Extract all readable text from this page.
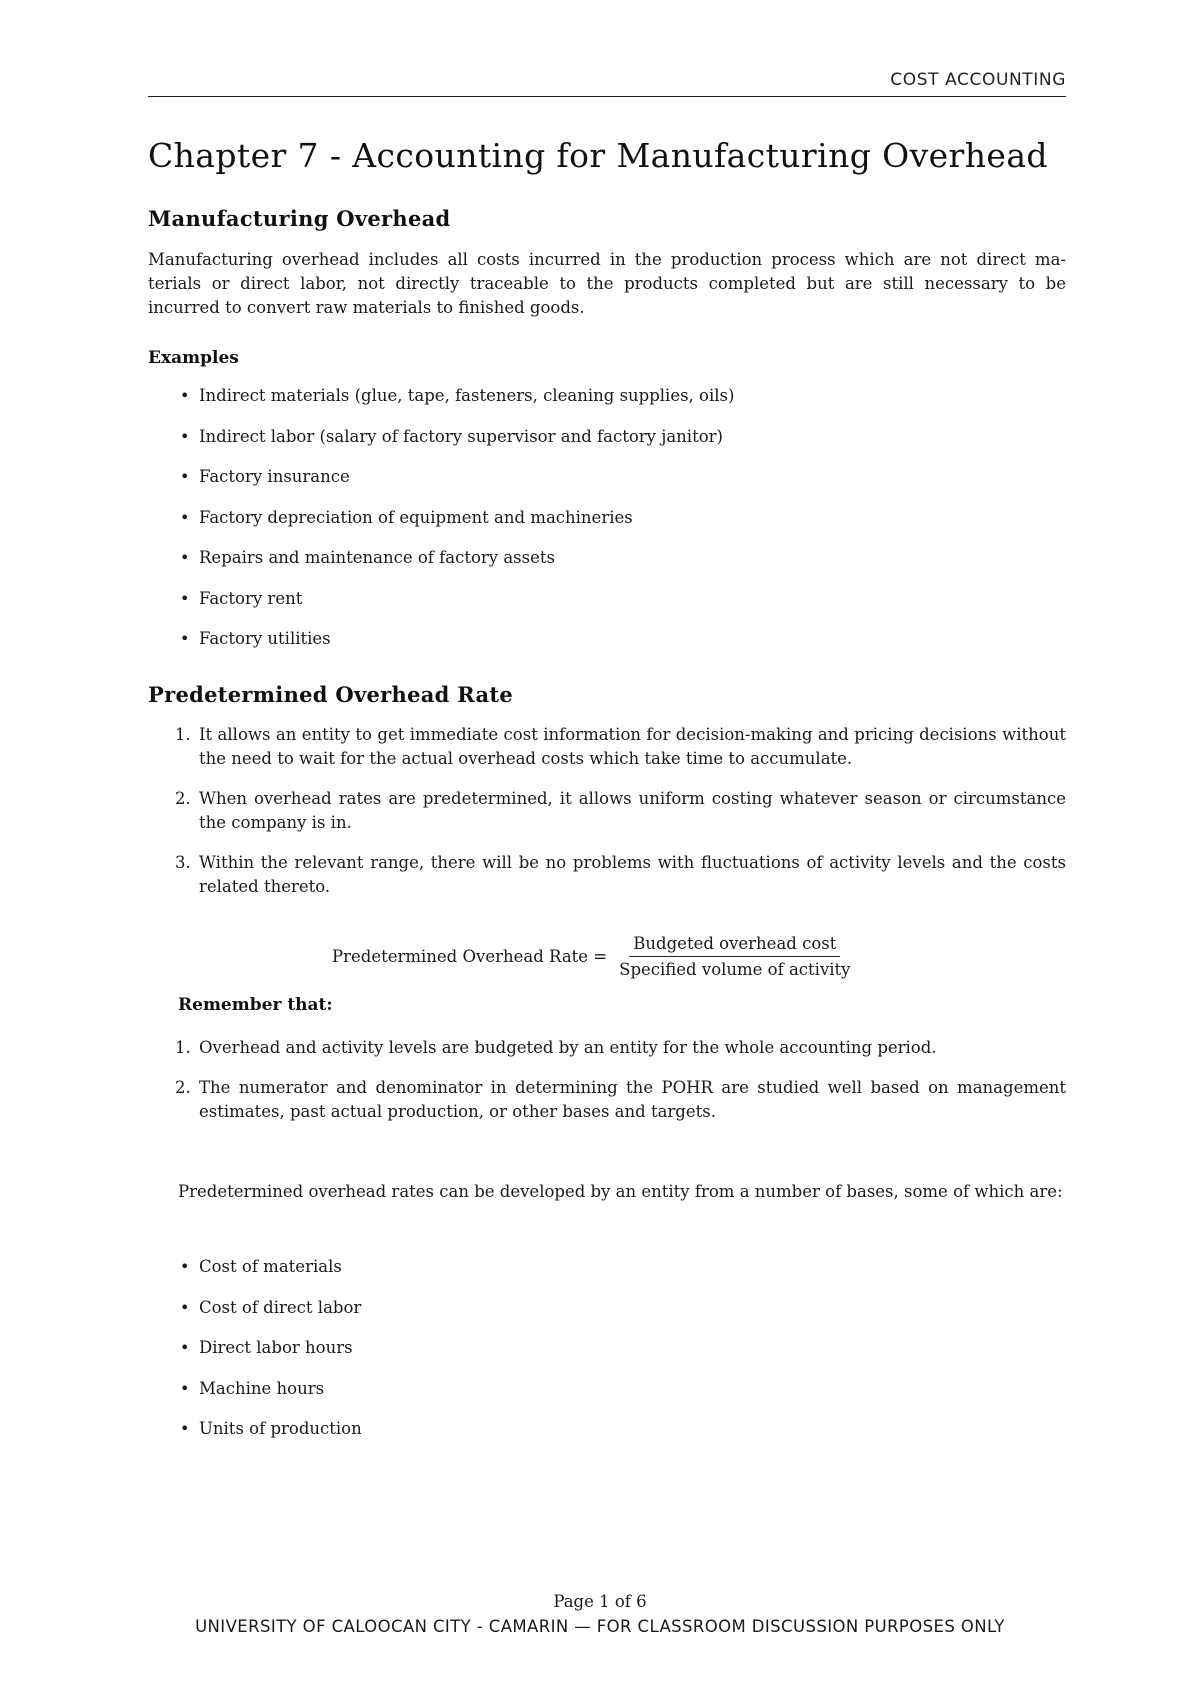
COST ACCOUNTING
Chapter 7 - Accounting for Manufacturing Overhead
Manufacturing Overhead
Manufacturing overhead includes all costs incurred in the production process which are not direct ma-
terials or direct labor, not directly traceable to the products completed but are still necessary to be
incurred to convert raw materials to finished goods.
Examples
• Indirect materials (glue, tape, fasteners, cleaning supplies, oils)
• Indirect labor (salary of factory supervisor and factory janitor)
• Factory insurance
• Factory depreciation of equipment and machineries
• Repairs and maintenance of factory assets
• Factory rent
• Factory utilities
Predetermined Overhead Rate
1. It allows an entity to get immediate cost information for decision-making and pricing decisions without the need to wait for the actual overhead costs which take time to accumulate.
2. When overhead rates are predetermined, it allows uniform costing whatever season or circumstance the company is in.
3. Within the relevant range, there will be no problems with fluctuations of activity levels and the costs related thereto.
Predetermined Overhead Rate = $\frac{\text{Budgeted overhead cost}}{\text{Specified volume of activity}}$
Remember that:
1. Overhead and activity levels are budgeted by an entity for the whole accounting period.
2. The numerator and denominator in determining the POHR are studied well based on management estimates, past actual production, or other bases and targets.
Predetermined overhead rates can be developed by an entity from a number of bases, some of which are:
• Cost of materials
• Cost of direct labor
• Direct labor hours
• Machine hours
• Units of production
Page 1 of 6
UNIVERSITY OF CALOOCAN CITY - CAMARIN — FOR CLASSROOM DISCUSSION PURPOSES ONLY
